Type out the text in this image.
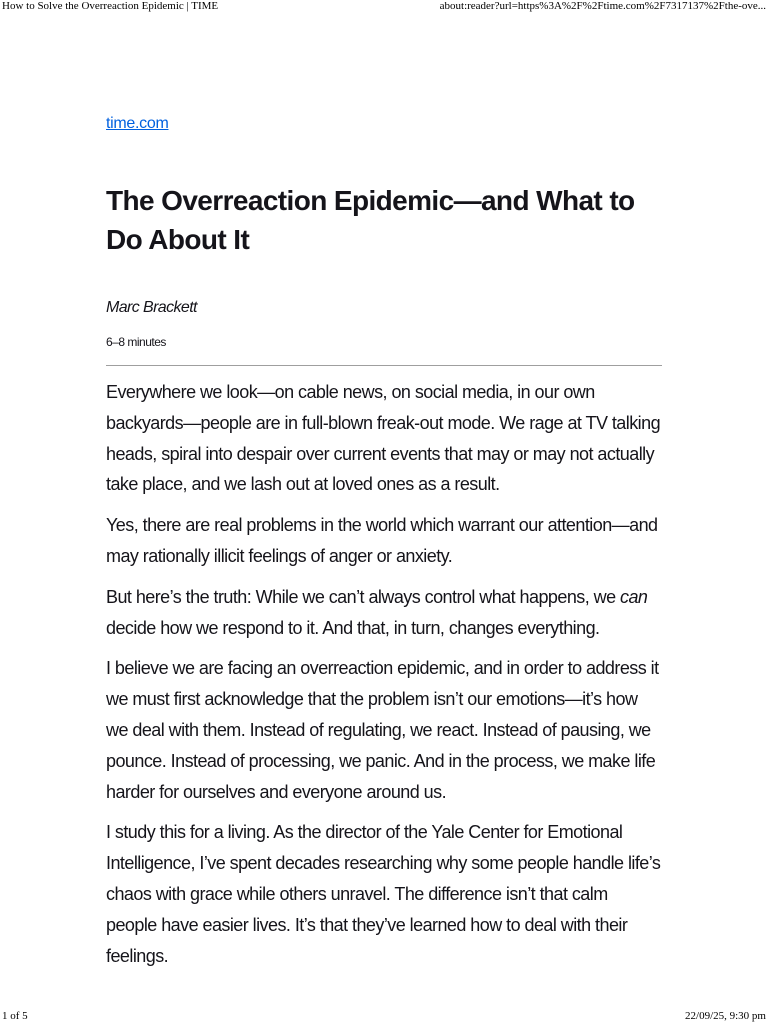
How to Solve the Overreaction Epidemic | TIME	about:reader?url=https%3A%2F%2Ftime.com%2F7317137%2Fthe-ove...
time.com
The Overreaction Epidemic—and What to Do About It
Marc Brackett
6–8 minutes

Everywhere we look—on cable news, on social media, in our own backyards—people are in full-blown freak-out mode. We rage at TV talking heads, spiral into despair over current events that may or may not actually take place, and we lash out at loved ones as a result.

Yes, there are real problems in the world which warrant our attention—and may rationally illicit feelings of anger or anxiety.

But here’s the truth: While we can’t always control what happens, we can decide how we respond to it. And that, in turn, changes everything.

I believe we are facing an overreaction epidemic, and in order to address it we must first acknowledge that the problem isn’t our emotions—it’s how we deal with them. Instead of regulating, we react. Instead of pausing, we pounce. Instead of processing, we panic. And in the process, we make life harder for ourselves and everyone around us.

I study this for a living. As the director of the Yale Center for Emotional Intelligence, I’ve spent decades researching why some people handle life’s chaos with grace while others unravel. The difference isn’t that calm people have easier lives. It’s that they’ve learned how to deal with their feelings.

1 of 5	22/09/25, 9:30 pm
